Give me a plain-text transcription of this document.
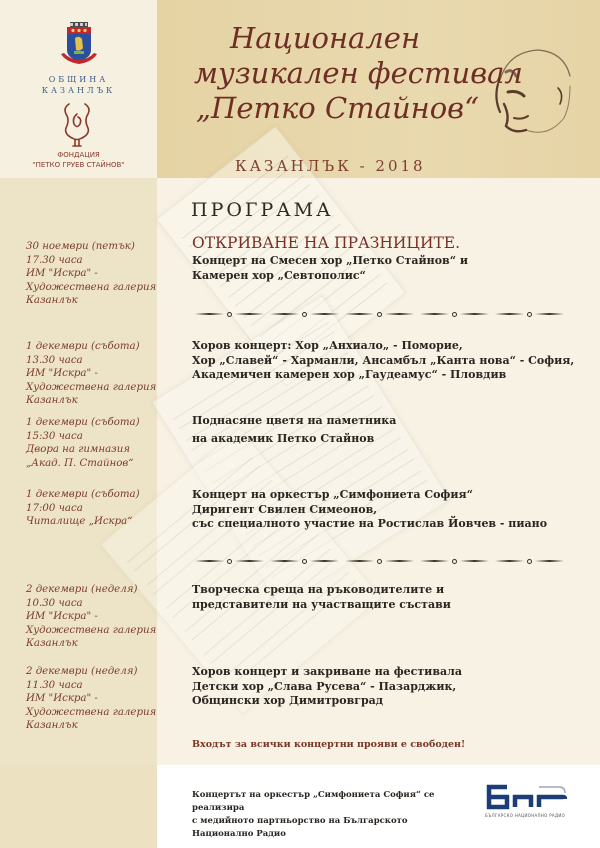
ОБЩИНА
КАЗАНЛЪК
ФОНДАЦИЯ
"ПЕТКО ГРУЕВ СТАЙНОВ"
Национален
музикален фестивал
„Петко Стайнов“
КАЗАНЛЪК - 2018
ПРОГРАМА
ОТКРИВАНЕ НА ПРАЗНИЦИТЕ.
30 ноември (петък)
17.30 часа
ИМ "Искра" -
Художествена галерия
Казанлък
Концерт на Смесен хор „Петко Стайнов“ и
Камерен хор „Севтополис“
1 декември (събота)
13.30 часа
ИМ "Искра" -
Художествена галерия
Казанлък
Хоров концерт: Хор „Анхиало„ - Поморие,
Хор „Славей“ - Харманли, Ансамбъл „Канта нова“ - София,
Академичен камерен хор „Гаудеамус“ - Пловдив
1 декември (събота)
15:30 часа
Двора на гимназия
„Акад. П. Стайнов“
Поднасяне цветя на паметника
на академик Петко Стайнов
1 декември (събота)
17:00 часа
Читалище „Искра“
Концерт на оркестър „Симфониета София“
Диригент Свилен Симеонов,
със специалното участие на Ростислав Йовчев - пиано
2 декември (неделя)
10.30 часа
ИМ "Искра" -
Художествена галерия
Казанлък
Творческа среща на ръководителите и
представители на участващите състави
2 декември (неделя)
11.30 часа
ИМ "Искра" -
Художествена галерия
Казанлък
Хоров концерт и закриване на фестивала
Детски хор „Слава Русева“ - Пазарджик,
Общински хор Димитровград
Входът за всички концертни прояви е свободен!
Концертът на оркестър „Симфониета София“ се реализира
с медийното партньорство на Българското Национално Радио
БЪЛГАРСКО НАЦИОНАЛНО РАДИО
